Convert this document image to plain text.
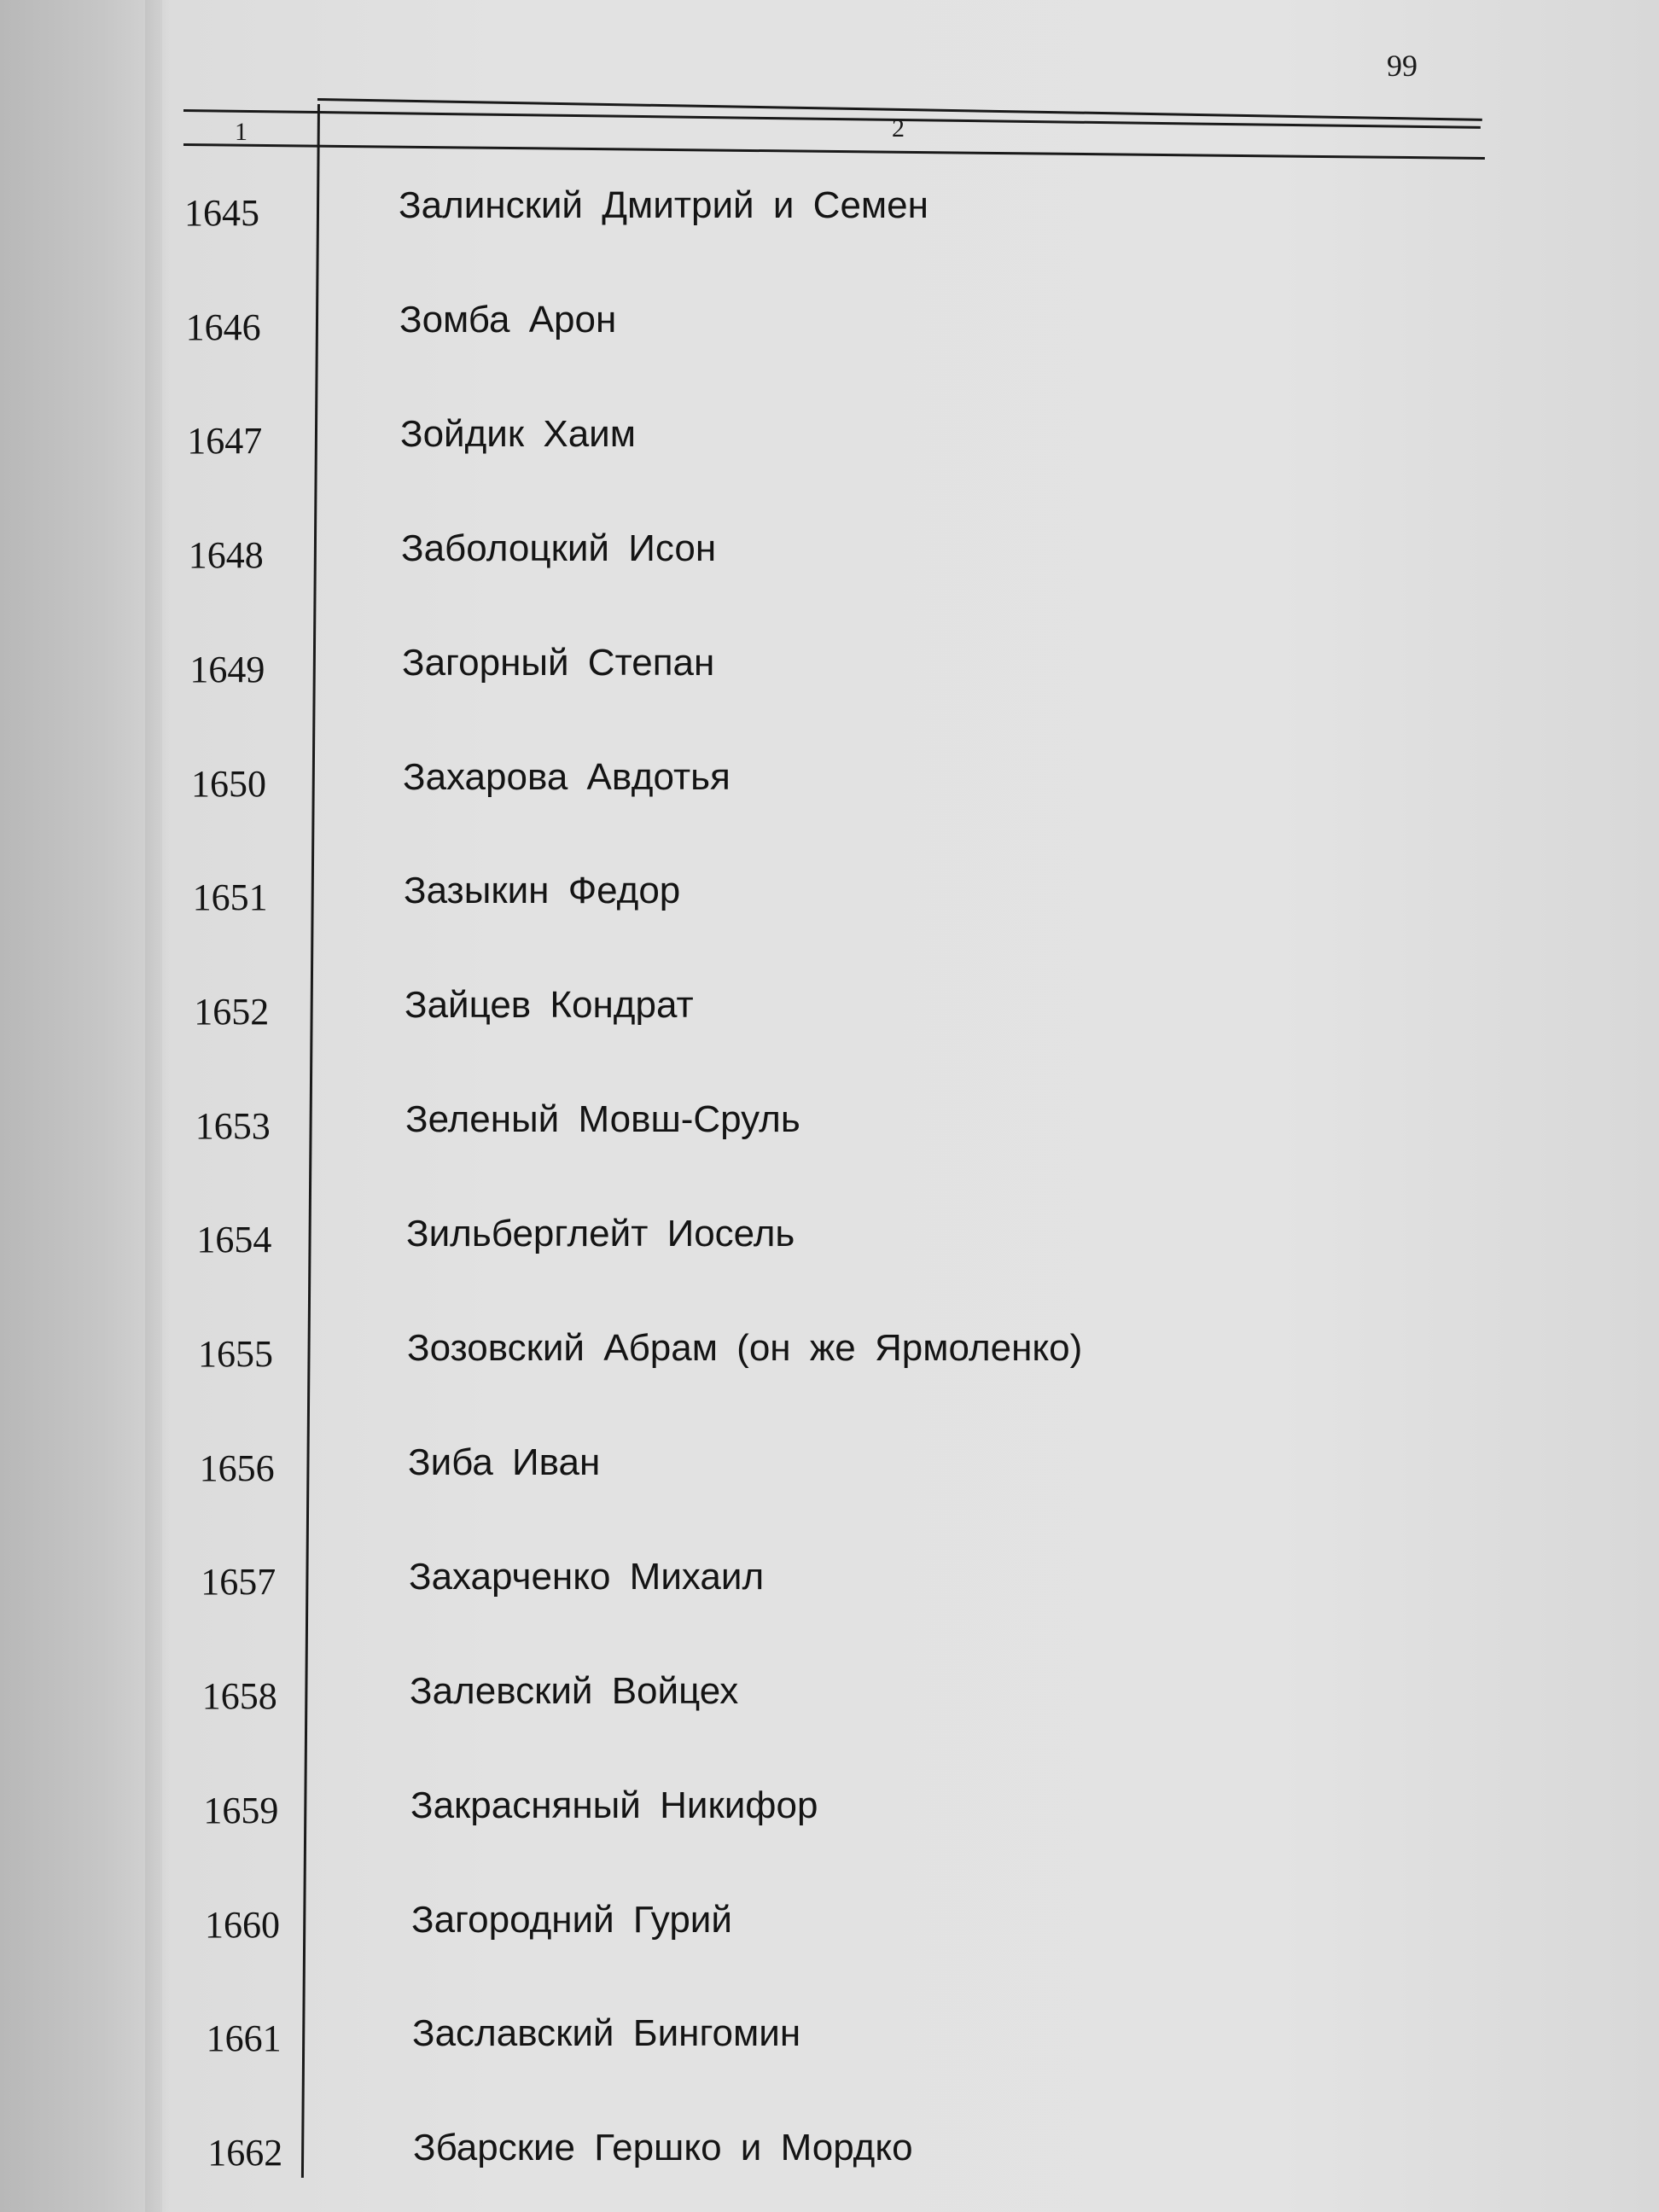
99
1	2
1645	Залинский Дмитрий и Семен
1646	Зомба Арон
1647	Зойдик Хаим
1648	Заболоцкий Исон
1649	Загорный Степан
1650	Захарова Авдотья
1651	Зазыкин Федор
1652	Зайцев Кондрат
1653	Зеленый Мовш-Сруль
1654	Зильберглейт Иосель
1655	Зозовский Абрам (он же Ярмоленко)
1656	Зиба Иван
1657	Захарченко Михаил
1658	Залевский Войцех
1659	Закрасняный Никифор
1660	Загородний Гурий
1661	Заславский Бингомин
1662	Збарские Гершко и Мордко
